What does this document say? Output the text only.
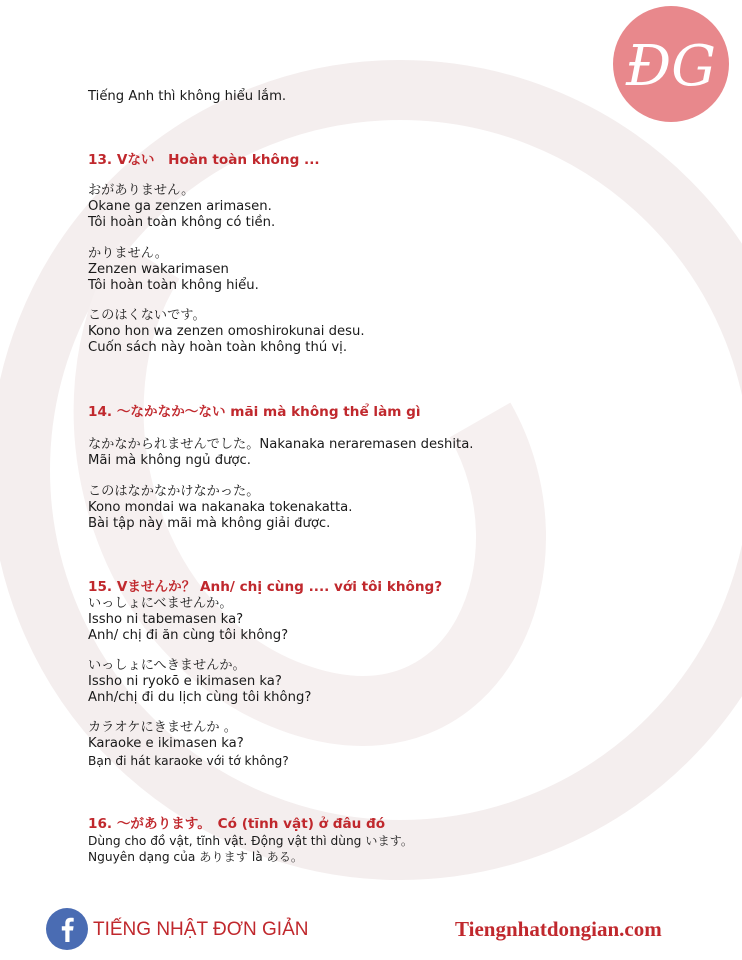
ĐG

Tiếng Anh thì không hiểu lắm.

13. Vない　Hoàn toàn không ...

おがありません。

Okane ga zenzen arimasen.

Tôi hoàn toàn không có tiền.

かりません。

Zenzen wakarimasen

Tôi hoàn toàn không hiểu.

このはくないです。

Kono hon wa zenzen omoshirokunai desu.

Cuốn sách này hoàn toàn không thú vị.

14. ～なかなか～ない mãi mà không thể làm gì

なかなかられませんでした。Nakanaka neraremasen deshita.

Mãi mà không ngủ được.

このはなかなかけなかった。

Kono mondai wa nakanaka tokenakatta.

Bài tập này mãi mà không giải được.

15. Vませんか？ Anh/ chị cùng .... với tôi không?

いっしょにべませんか。

Issho ni tabemasen ka?

Anh/ chị đi ăn cùng tôi không?

いっしょにへきませんか。

Issho ni ryokō e ikimasen ka?

Anh/chị đi du lịch cùng tôi không?

カラオケにきませんか 。

Karaoke e ikimasen ka?

Bạn đi hát karaoke với tớ không?

16. ～があります。　Có (tĩnh vật) ở đâu đó

Dùng cho đồ vật, tĩnh vật. Động vật thì dùng います。

Nguyên dạng của あります là ある。

TIẾNG NHẬT ĐƠN GIẢN	Tiengnhatdongian.com
